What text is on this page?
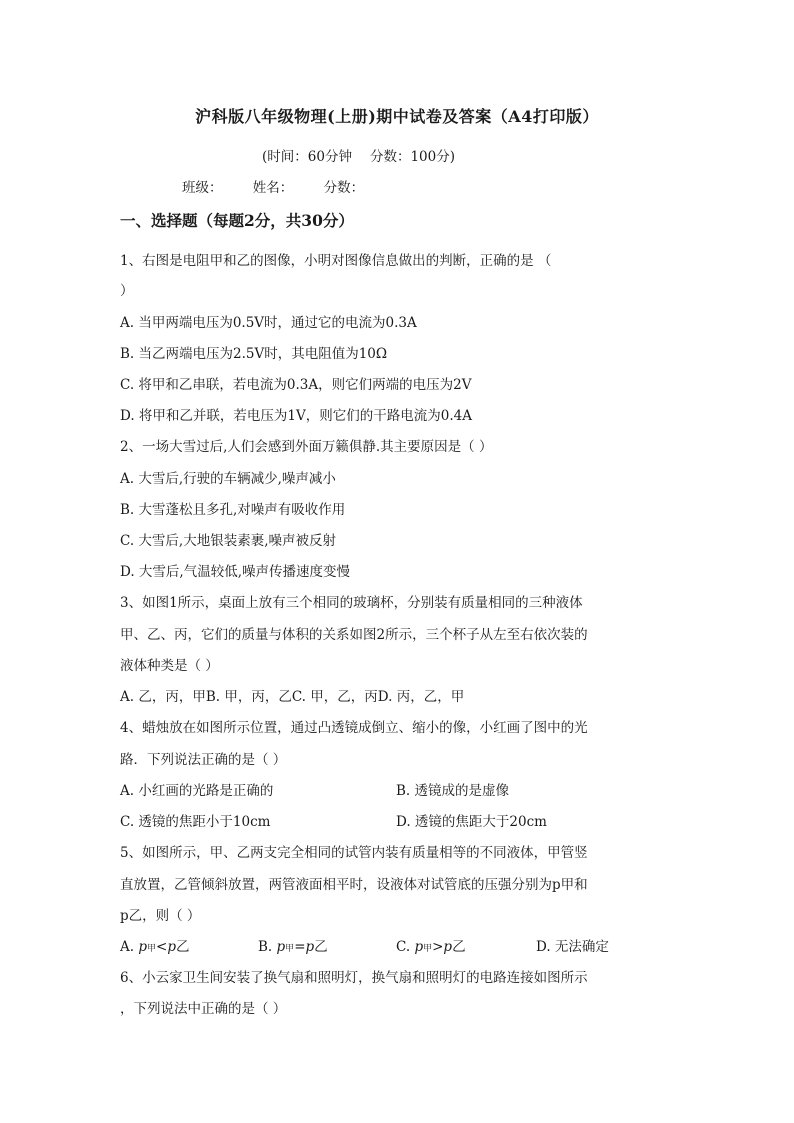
沪科版八年级物理(上册)期中试卷及答案（A4打印版）
(时间：60分钟 分数：100分)
班级： 姓名： 分数：
一、选择题（每题2分，共30分）
1、右图是电阻甲和乙的图像，小明对图像信息做出的判断，正确的是 （
）
A. 当甲两端电压为0.5V时，通过它的电流为0.3A
B. 当乙两端电压为2.5V时，其电阻值为10Ω
C. 将甲和乙串联，若电流为0.3A，则它们两端的电压为2V
D. 将甲和乙并联，若电压为1V，则它们的干路电流为0.4A
2、一场大雪过后,人们会感到外面万籁俱静.其主要原因是（ ）
A. 大雪后,行驶的车辆减少,噪声减小
B. 大雪蓬松且多孔,对噪声有吸收作用
C. 大雪后,大地银装素裹,噪声被反射
D. 大雪后,气温较低,噪声传播速度变慢
3、如图1所示，桌面上放有三个相同的玻璃杯，分别装有质量相同的三种液体
甲、乙、丙，它们的质量与体积的关系如图2所示，三个杯子从左至右依次装的
液体种类是（ ）
A. 乙，丙，甲B. 甲，丙，乙C. 甲，乙，丙D. 丙，乙，甲
4、蜡烛放在如图所示位置，通过凸透镜成倒立、缩小的像，小红画了图中的光
路．下列说法正确的是（ ）
A. 小红画的光路是正确的	B. 透镜成的是虚像
C. 透镜的焦距小于10cm	D. 透镜的焦距大于20cm
5、如图所示，甲、乙两支完全相同的试管内装有质量相等的不同液体，甲管竖
直放置，乙管倾斜放置，两管液面相平时，设液体对试管底的压强分别为p甲和
p乙，则（ ）
A. p甲<p乙	B. p甲=p乙	C. p甲>p乙	D. 无法确定
6、小云家卫生间安装了换气扇和照明灯，换气扇和照明灯的电路连接如图所示
，下列说法中正确的是（ ）
